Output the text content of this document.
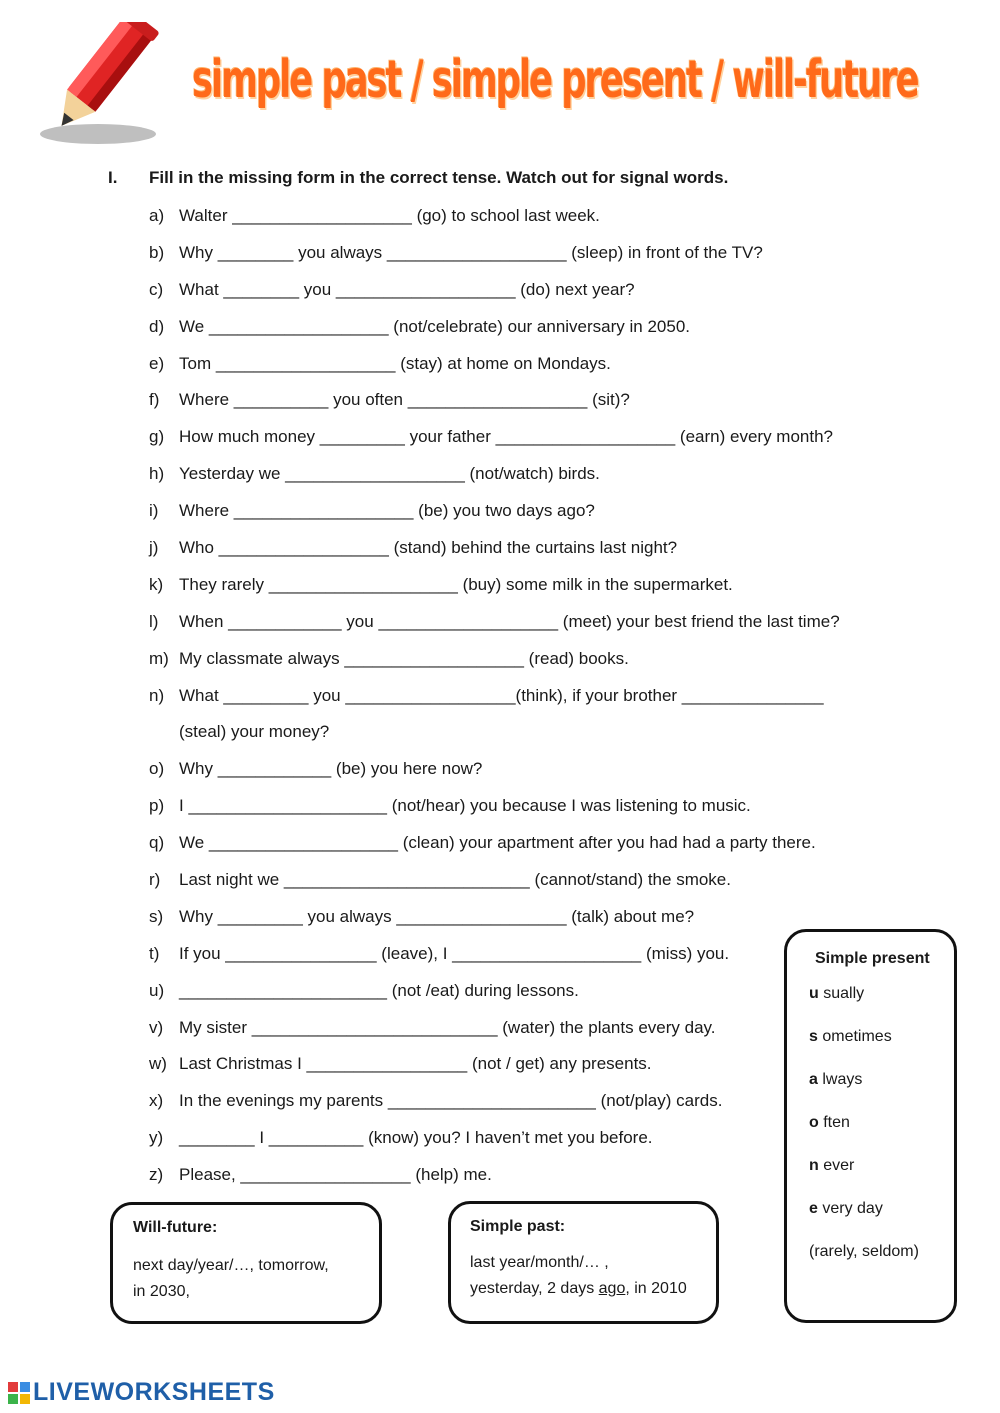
simple past / simple present / will-future
I. Fill in the missing form in the correct tense. Watch out for signal words.
a) Walter ___________________ (go) to school last week.
b) Why ________ you always ___________________ (sleep) in front of the TV?
c) What ________ you ___________________ (do) next year?
d) We ___________________ (not/celebrate) our anniversary in 2050.
e) Tom ___________________ (stay) at home on Mondays.
f)	Where __________ you often ___________________ (sit)?
g) How much money _________ your father ___________________ (earn) every month?
h) Yesterday we ___________________ (not/watch) birds.
i)	Where ___________________ (be) you two days ago?
j)	Who __________________ (stand) behind the curtains last night?
k) They rarely ____________________ (buy) some milk in the supermarket.
l)	When ____________ you ___________________ (meet) your best friend the last time?
m) My classmate always ___________________ (read) books.
n) What _________ you __________________(think), if your brother _______________
(steal) your money?
o) Why ____________ (be) you here now?
p) I _____________________ (not/hear) you because I was listening to music.
q) We ____________________ (clean) your apartment after you had had a party there.
r)	Last night we __________________________ (cannot/stand) the smoke.
s) Why _________ you always __________________ (talk) about me?
t)	If you ________________ (leave), I ____________________ (miss) you.
u) ______________________ (not /eat) during lessons.
v) My sister __________________________ (water) the plants every day.
w) Last Christmas I _________________ (not / get) any presents.
x) In the evenings my parents ______________________ (not/play) cards.
y) ________ I __________ (know) you? I haven’t met you before.
z) Please, __________________ (help) me.
Simple present
u sually
s ometimes
a lways
o ften
n ever
e very day
(rarely, seldom)
Will-future:
next day/year/…, tomorrow,
in 2030,
Simple past:
last year/month/… ,
yesterday, 2 days ago, in 2010
LIVEWORKSHEETS
